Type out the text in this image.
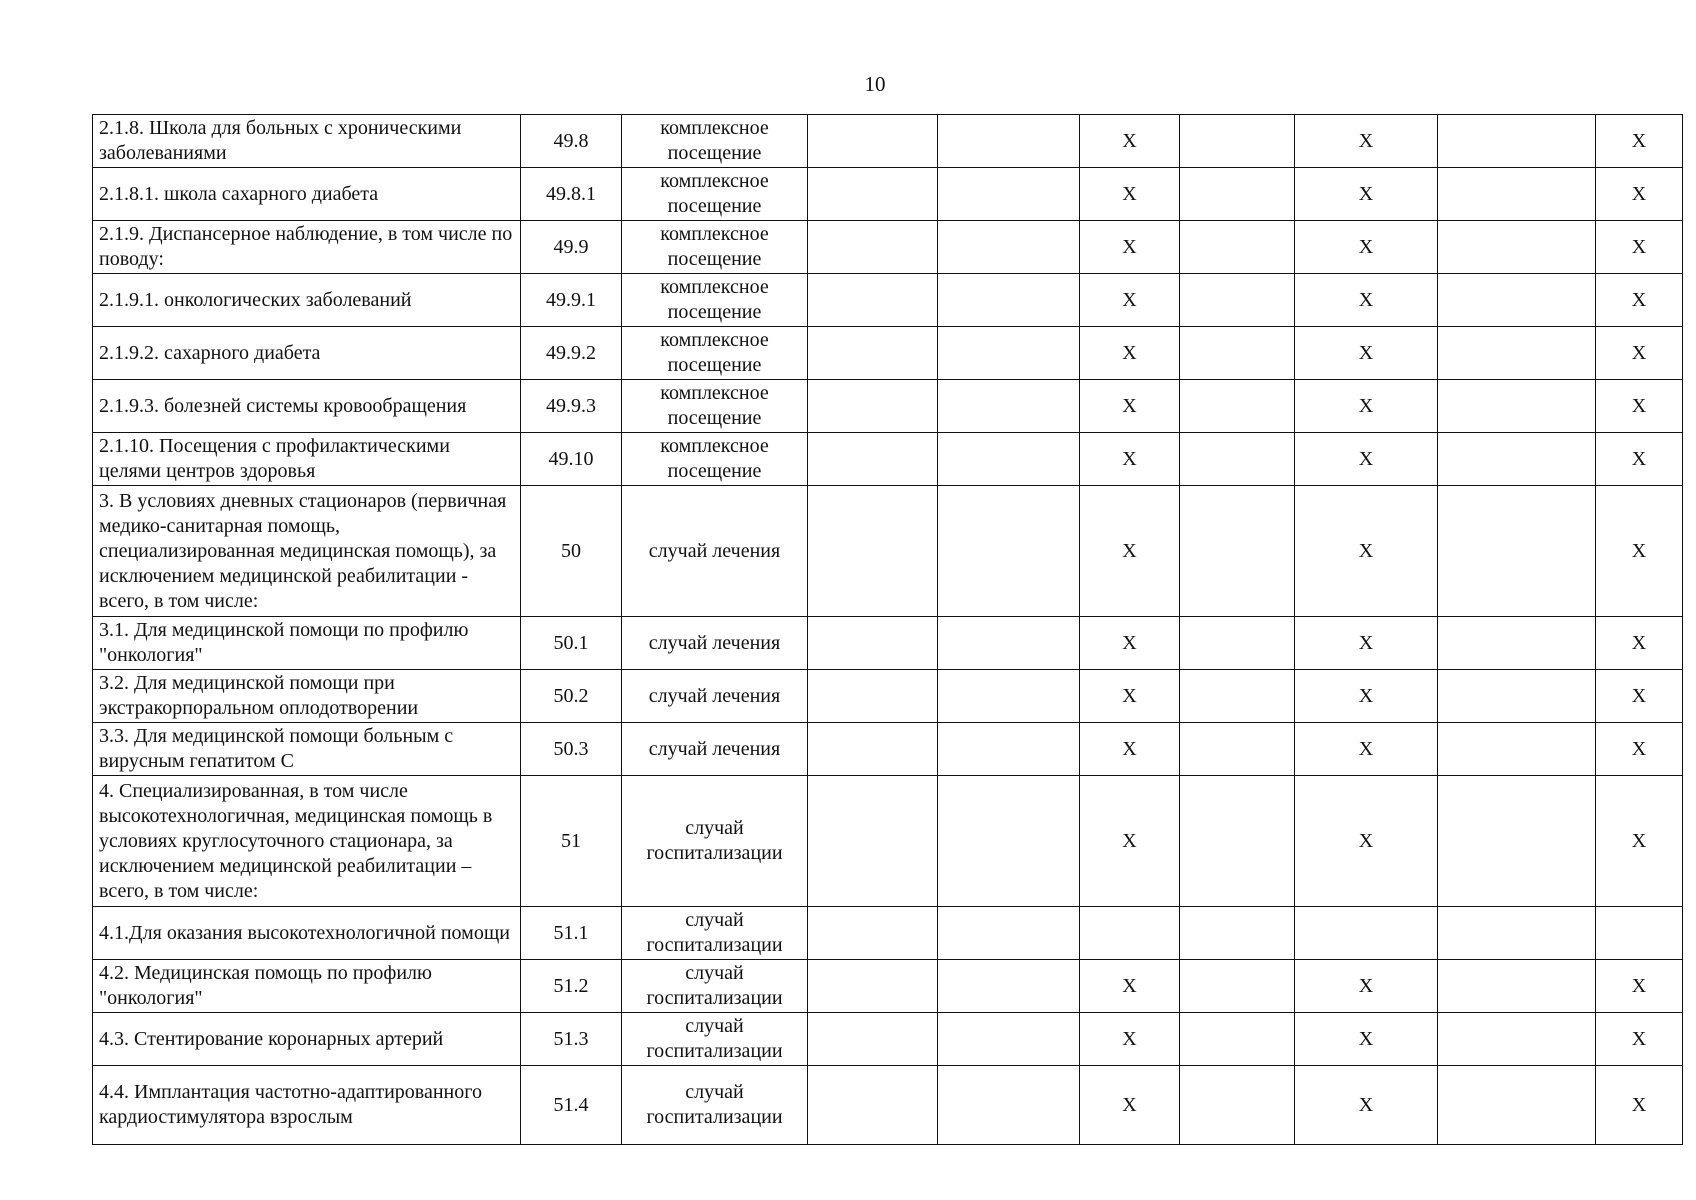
10
2.1.8. Школа для больных с хроническими заболеваниями	49.8	комплексное посещение			Х		Х		Х
2.1.8.1. школа сахарного диабета	49.8.1	комплексное посещение			Х		Х		Х
2.1.9. Диспансерное наблюдение, в том числе по поводу:	49.9	комплексное посещение			Х		Х		Х
2.1.9.1. онкологических заболеваний	49.9.1	комплексное посещение			Х		Х		Х
2.1.9.2. сахарного диабета	49.9.2	комплексное посещение			Х		Х		Х
2.1.9.3. болезней системы кровообращения	49.9.3	комплексное посещение			Х		Х		Х
2.1.10. Посещения с профилактическими целями центров здоровья	49.10	комплексное посещение			Х		Х		Х
3. В условиях дневных стационаров (первичная медико-санитарная помощь, специализированная медицинская помощь), за исключением медицинской реабилитации - всего, в том числе:	50	случай лечения			Х		Х		Х
3.1. Для медицинской помощи по профилю "онкология"	50.1	случай лечения			Х		Х		Х
3.2. Для медицинской помощи при экстракорпоральном оплодотворении	50.2	случай лечения			Х		Х		Х
3.3. Для медицинской помощи больным с вирусным гепатитом С	50.3	случай лечения			Х		Х		Х
4. Специализированная, в том числе высокотехнологичная, медицинская помощь в условиях круглосуточного стационара, за исключением медицинской реабилитации – всего, в том числе:	51	случай госпитализации			Х		Х		Х
4.1.Для оказания высокотехнологичной помощи	51.1	случай госпитализации							
4.2. Медицинская помощь по профилю "онкология"	51.2	случай госпитализации			Х		Х		Х
4.3. Стентирование коронарных артерий	51.3	случай госпитализации			Х		Х		Х
4.4. Имплантация частотно-адаптированного кардиостимулятора взрослым	51.4	случай госпитализации			Х		Х		Х
